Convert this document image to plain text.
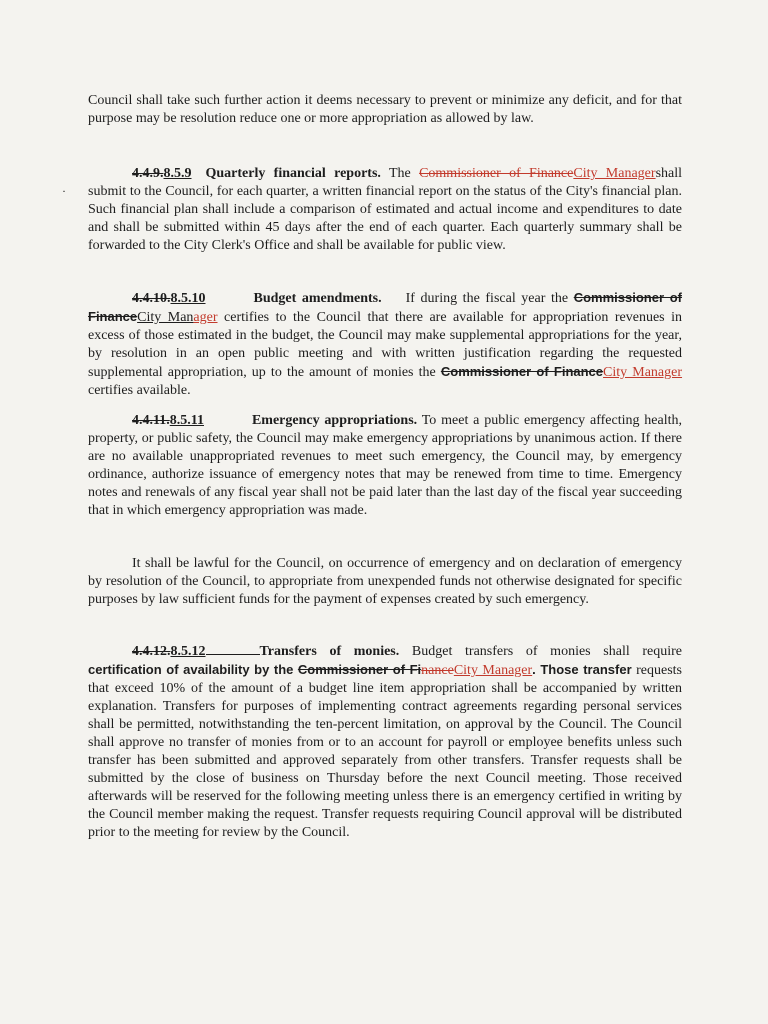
·

Council shall take such further action it deems necessary to prevent or minimize any deficit, and for that purpose may be resolution reduce one or more appropriation as allowed by law.

4.4.9.8.5.9 Quarterly financial reports. The Commissioner of FinanceCity Managershall submit to the Council, for each quarter, a written financial report on the status of the City's financial plan. Such financial plan shall include a comparison of estimated and actual income and expenditures to date and shall be submitted within 45 days after the end of each quarter. Each quarterly summary shall be forwarded to the City Clerk's Office and shall be available for public view.

4.4.10.8.5.10	Budget amendments. If during the fiscal year the Commissioner of FinanceCity Manager certifies to the Council that there are available for appropriation revenues in excess of those estimated in the budget, the Council may make supplemental appropriations for the year, by resolution in an open public meeting and with written justification regarding the requested supplemental appropriation, up to the amount of monies the Commissioner of FinanceCity Manager certifies available.

4.4.11.8.5.11	Emergency appropriations. To meet a public emergency affecting health, property, or public safety, the Council may make emergency appropriations by unanimous action. If there are no available unappropriated revenues to meet such emergency, the Council may, by emergency ordinance, authorize issuance of emergency notes that may be renewed from time to time. Emergency notes and renewals of any fiscal year shall not be paid later than the last day of the fiscal year succeeding that in which emergency appropriation was made.

It shall be lawful for the Council, on occurrence of emergency and on declaration of emergency by resolution of the Council, to appropriate from unexpended funds not otherwise designated for specific purposes by law sufficient funds for the payment of expenses created by such emergency.

4.4.12.8.5.12	Transfers of monies. Budget transfers of monies shall require certification of availability by the Commissioner of FinanceCity Manager. Those transfer requests that exceed 10% of the amount of a budget line item appropriation shall be accompanied by written explanation. Transfers for purposes of implementing contract agreements regarding personal services shall be permitted, notwithstanding the ten-percent limitation, on approval by the Council. The Council shall approve no transfer of monies from or to an account for payroll or employee benefits unless such transfer has been submitted and approved separately from other transfers. Transfer requests shall be submitted by the close of business on Thursday before the next Council meeting. Those received afterwards will be reserved for the following meeting unless there is an emergency certified in writing by the Council member making the request. Transfer requests requiring Council approval will be distributed prior to the meeting for review by the Council.
